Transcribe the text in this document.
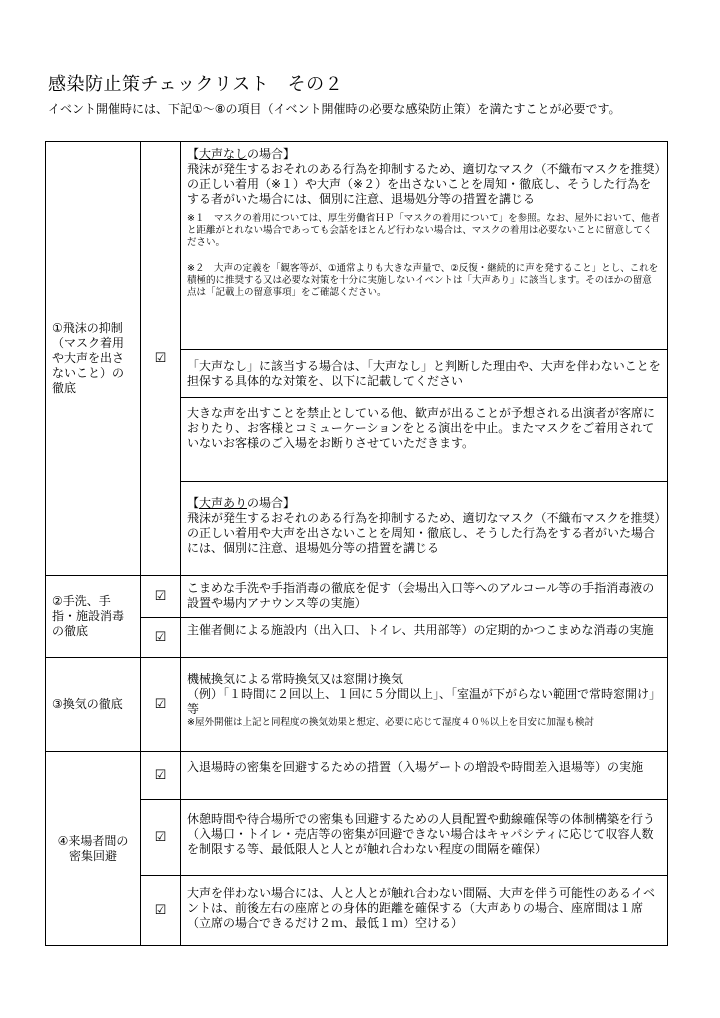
感染防止策チェックリスト　その２
イベント開催時には、下記①～⑧の項目（イベント開催時の必要な感染防止策）を満たすことが必要です。
①飛沫の抑制（マスク着用や大声を出さないこと）の徹底	☑	【大声なしの場合】
飛沫が発生するおそれのある行為を抑制するため、適切なマスク（不織布マスクを推奨）の正しい着用（※１）や大声（※２）を出さないことを周知・徹底し、そうした行為をする者がいた場合には、個別に注意、退場処分等の措置を講じる
※１　マスクの着用については、厚生労働省ＨＰ「マスクの着用について」を参照。なお、屋外において、他者と距離がとれない場合であっても会話をほとんど行わない場合は、マスクの着用は必要ないことに留意してください。
※２　大声の定義を「観客等が、①通常よりも大きな声量で、②反復・継続的に声を発すること」とし、これを積極的に推奨する又は必要な対策を十分に実施しないイベントは「大声あり」に該当します。そのほかの留意点は「記載上の留意事項」をご確認ください。

		「大声なし」に該当する場合は、「大声なし」と判断した理由や、大声を伴わないことを担保する具体的な対策を、以下に記載してください
		大きな声を出すことを禁止としている他、歓声が出ることが予想される出演者が客席におりたり、お客様とコミューケーションをとる演出を中止。またマスクをご着用されていないお客様のご入場をお断りさせていただきます。

		【大声ありの場合】
飛沫が発生するおそれのある行為を抑制するため、適切なマスク（不織布マスクを推奨）の正しい着用や大声を出さないことを周知・徹底し、そうした行為をする者がいた場合には、個別に注意、退場処分等の措置を講じる

②手洗、手指・施設消毒の徹底	☑	こまめな手洗や手指消毒の徹底を促す（会場出入口等へのアルコール等の手指消毒液の設置や場内アナウンス等の実施）
	☑	主催者側による施設内（出入口、トイレ、共用部等）の定期的かつこまめな消毒の実施
③換気の徹底	☑	機械換気による常時換気又は窓開け換気
（例）「１時間に２回以上、１回に５分間以上」、「室温が下がらない範囲で常時窓開け」　等
※屋外開催は上記と同程度の換気効果と想定、必要に応じて湿度４０％以上を目安に加湿も検討

④来場者間の密集回避	☑	入退場時の密集を回避するための措置（入場ゲートの増設や時間差入退場等）の実施
	☑	休憩時間や待合場所での密集も回避するための人員配置や動線確保等の体制構築を行う（入場口・トイレ・売店等の密集が回避できない場合はキャパシティに応じて収容人数を制限する等、最低限人と人とが触れ合わない程度の間隔を確保）
	☑	大声を伴わない場合には、人と人とが触れ合わない間隔、大声を伴う可能性のあるイベントは、前後左右の座席との身体的距離を確保する（大声ありの場合、座席間は１席（立席の場合できるだけ２ｍ、最低１ｍ）空ける）
